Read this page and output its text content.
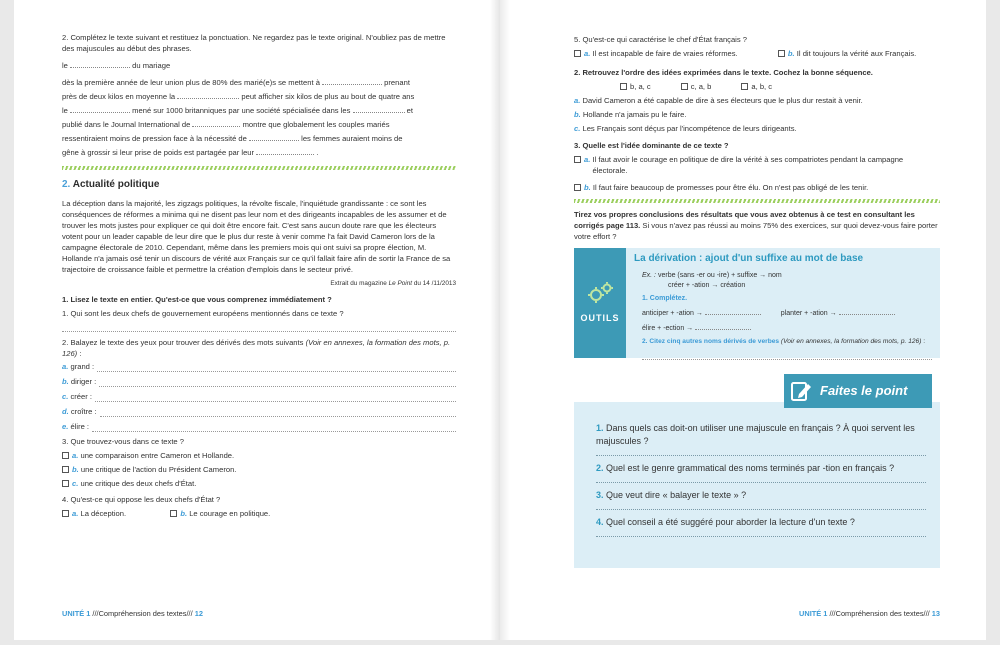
2. Complétez le texte suivant et restituez la ponctuation. Ne regardez pas le texte original. N'oubliez pas de mettre des majuscules au début des phrases.

le	du mariage

dès la première année de leur union plus de 80% des marié(e)s se mettent à	prenant

près de deux kilos en moyenne la	peut afficher six kilos de plus au bout de quatre ans

le	mené sur 1000 britanniques par une société spécialisée dans les	et

publié dans le Journal International de	montre que globalement les couples mariés

ressentiraient moins de pression face à la nécessité de	les femmes auraient moins de

gêne à grossir si leur prise de poids est partagée par leur	.

2. Actualité politique

La déception dans la majorité, les zigzags politiques, la révolte fiscale, l'inquiétude grandissante : ce sont les conséquences de réformes a minima qui ne disent pas leur nom et des dirigeants incapables de les assumer et de trouver les mots justes pour expliquer ce qui doit être encore fait. C'est sans aucun doute rare que les électeurs votent pour un leader capable de leur dire que le plus dur reste à venir comme l'a fait David Cameron lors de la campagne électorale de 2010. Cependant, même dans les premiers mois qui ont suivi sa propre élection, M. Hollande n'a jamais osé tenir un discours de vérité aux Français sur ce qu'il fallait faire afin de sortir la France de sa trajectoire de croissance faible et permettre la création d'emplois dans le secteur privé.

Extrait du magazine Le Point du 14 /11/2013
1. Lisez le texte en entier. Qu'est-ce que vous comprenez immédiatement ?
1. Qui sont les deux chefs de gouvernement européens mentionnés dans ce texte ?
2. Balayez le texte des yeux pour trouver des dérivés des mots suivants (Voir en annexes, la formation des mots, p. 126) :
a. grand :
b. diriger :
c. créer :
d. croître :
e. élire :
3. Que trouvez-vous dans ce texte ?
a. une comparaison entre Cameron et Hollande.
b. une critique de l'action du Président Cameron.
c. une critique des deux chefs d'État.
4. Qu'est-ce qui oppose les deux chefs d'État ?
a. La déception.	b. Le courage en politique.
UNITÉ 1 ///Compréhension des textes/// 12
5. Qu'est-ce qui caractérise le chef d'État français ?
a. Il est incapable de faire de vraies réformes.	b. Il dit toujours la vérité aux Français.
2. Retrouvez l'ordre des idées exprimées dans le texte. Cochez la bonne séquence.
b, a, c	c, a, b	a, b, c
a. David Cameron a été capable de dire à ses électeurs que le plus dur restait à venir.
b. Hollande n'a jamais pu le faire.
c. Les Français sont déçus par l'incompétence de leurs dirigeants.
3. Quelle est l'idée dominante de ce texte ?
a. Il faut avoir le courage en politique de dire la vérité à ses compatriotes pendant la campagne électorale.
b. Il faut faire beaucoup de promesses pour être élu. On n'est pas obligé de les tenir.

Tirez vos propres conclusions des résultats que vous avez obtenus à ce test en consultant les corrigés page 113. Si vous n'avez pas réussi au moins 75% des exercices, sur quoi devez-vous faire porter votre effort ?

OUTILS
La dérivation : ajout d'un suffixe au mot de base
Ex. : verbe (sans -er ou -ire) + suffixe → nom
créer + -ation → création
1. Complétez.
anticiper + -ation →	planter + -ation →
élire + -ection →
2. Citez cinq autres noms dérivés de verbes (Voir en annexes, la formation des mots, p. 126) :
Faites le point
1. Dans quels cas doit-on utiliser une majuscule en français ? À quoi servent les majuscules ?
2. Quel est le genre grammatical des noms terminés par -tion en français ?
3. Que veut dire « balayer le texte » ?
4. Quel conseil a été suggéré pour aborder la lecture d'un texte ?
UNITÉ 1 ///Compréhension des textes/// 13
